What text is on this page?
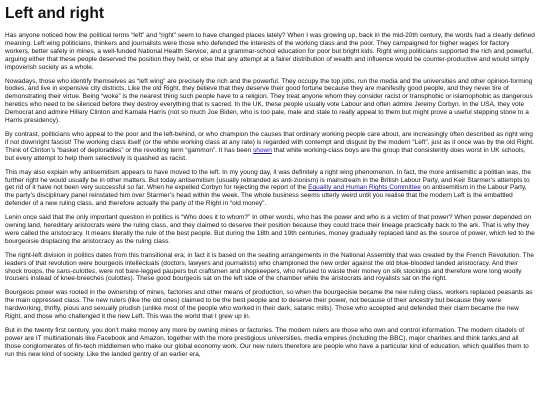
Left and right

Has anyone noticed how the political terms “left” and “right” seem to have changed places lately? When I was growing up, back in the mid-20th century, the words had a clearly defined meaning. Left wing politicians, thinkers and journalists were those who defended the interests of the working class and the poor. They campaigned for higher wages for factory workers, better safety in mines, a well-funded National Health Service, and a grammar-school education for poor but bright kids. Right wing politicians supported the rich and powerful, arguing either that these people deserved the position they held, or else that any attempt at a fairer distribution of wealth and influence would be counter-productive and would simply impoverish society as a whole.

Nowadays, those who identify themselves as “left wing” are precisely the rich and the powerful. They occupy the top jobs, run the media and the universities and other opinion-forming bodies, and live in expensive city districts. Like the old Right, they believe that they deserve their good fortune because they are manifestly good people, and they never tire of demonstrating their virtue. Being “woke” is the nearest thing such people have to a religion. They treat anyone whom they consider racist or transphobic or islamophobic as dangerous heretics who need to be silenced before they destroy everything that is sacred. In the UK, these people usually vote Labour and often admire Jeremy Corbyn. In the USA, they vote Democrat and admire Hillary Clinton and Kamala Harris (not so much Joe Biden, who is too pale, male and stale to really appeal to them but might prove a useful stepping stone to a Harris presidency).

By contrast, politicians who appeal to the poor and the left-behind, or who champion the causes that ordinary working people care about, are increasingly often described as right wing if not downright fascist! The working class itself (or the white working class at any rate) is regarded with contempt and disgust by the modern “Left”, just as it once was by the old Right. Think of Clinton’s “basket of deplorables” or the revolting term “gammon”. It has been shown that white working-class boys are the group that consistently does worst in UK schools, but every attempt to help them selectively is quashed as racist.

This may also explain why antisemitism appears to have moved to the left. In my young day, it was definitely a right wing phenomenon. In fact, the more antisemitic a politian was, the further right he would usually be in other matters. But today antisemitism (usually rebranded as anti-zionism) is mainstream in the British Labour Party, and Keir Starmer’s attempts to get rid of it have not been very successful so far. When he expelled Corbyn for rejecting the report of the Equality and Human Rights Committee on antisemitism in the Labour Party, the party’s disciplinary panel reinstated him over Starmer’s head within the week. The whole business seems utterly weird until you realise that the modern Left is the embattled defender of a new ruling class, and therefore actually the party of the Right in “old money”.

Lenin once said that the only important question in politics is “Who does it to whom?” In other words, who has the power and who is a victim of that power? When power depended on owning land, hereditary aristocrats were the ruling class, and they claimed to deserve their position because they could trace their lineage practically back to the ark. That is why they were called the aristocracy. It means literally the rule of the best people. But during the 18th and 19th centuries, money gradually replaced land as the source of power, which led to the bourgeoisie displacing the aristocracy as the ruling class.

The right-left division in politics dates from this transitional era; in fact it is based on the seating arrangements in the National Assembly that was created by the French Revolution. The leaders of that revolution were bourgeois intellectuals (doctors, lawyers and journalists) who championed the new order against the old blue-blooded landed aristocracy. And their shock troops, the sans-culottes, were not bare-legged paupers but craftsmen and shopkeepers, who refused to waste their money on silk stockings and therefore wore long woolly trousers instead of knee-breeches (culottes). These good bourgeois sat on the left side of the chamber while the aristocrats and royalists sat on the right.

Bourgeois power was rooted in the ownership of mines, factories and other means of production, so when the bourgeoisie became the new ruling class, workers replaced peasants as the main oppressed class. The new rulers (like the old ones) claimed to be the best people and to deserve their power, not because of their ancestry but because they were hardworking, thrifty, pious and sexually prudish (unlike most of the people who worked in their dark, satanic mills). Those who accepted and defended their claim became the new Right, and those who challenged it the new Left. This was the world that I grew up in.

But in the twenty first century, you don’t make money any more by owning mines or factories. The modern rulers are those who own and control information. The modern citadels of power are IT multinationals like Facebook and Amazon, together with the more prestigious universities, media empires (including the BBC), major charities and think tanks,and all those conglomerates of fin-tech middlemen who make our global economy work. Our new rulers therefore are people who have a particular kind of education, which qualifies them to run this new kind of society. Like the landed gentry of an earlier era,
